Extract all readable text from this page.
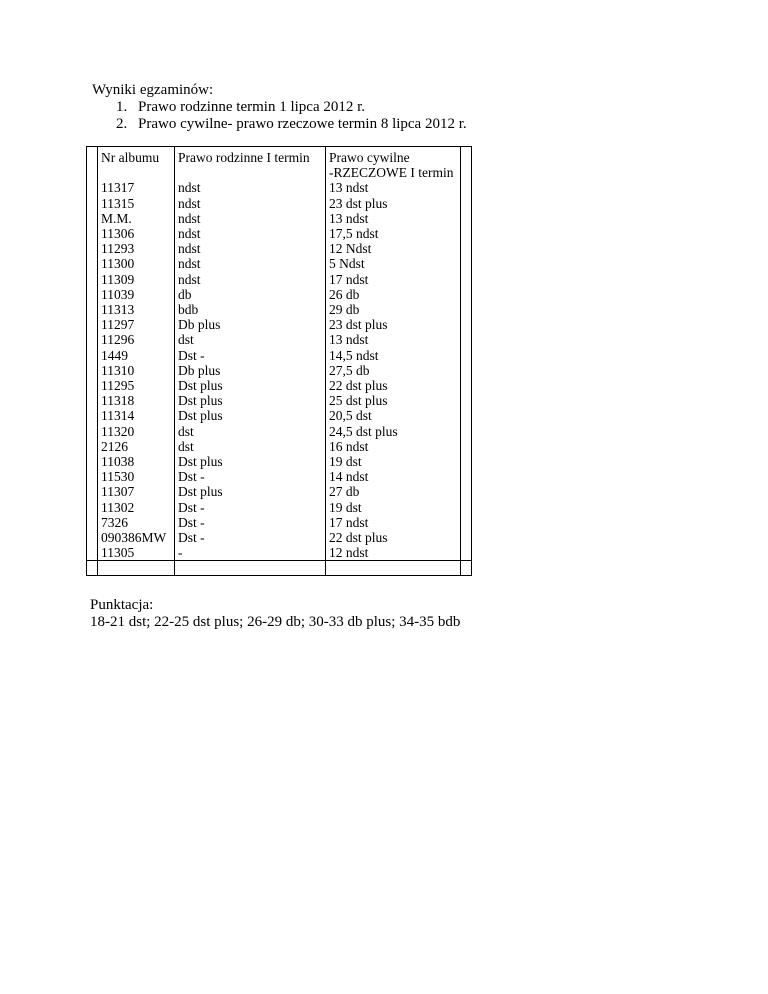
Wyniki egzaminów:
1. Prawo rodzinne termin 1 lipca 2012 r.
2. Prawo cywilne- prawo rzeczowe termin 8 lipca 2012 r.
	Nr albumu	Prawo rodzinne I termin	Prawo cywilne	
			-RZECZOWE I termin	
	11317	ndst	13 ndst	
	11315	ndst	23 dst plus	
	M.M.	ndst	13 ndst	
	11306	ndst	17,5 ndst	
	11293	ndst	12 Ndst	
	11300	ndst	5 Ndst	
	11309	ndst	17 ndst	
	11039	db	26 db	
	11313	bdb	29 db	
	11297	Db plus	23 dst plus	
	11296	dst	13 ndst	
	1449	Dst -	14,5 ndst	
	11310	Db plus	27,5 db	
	11295	Dst plus	22 dst plus	
	11318	Dst plus	25 dst plus	
	11314	Dst plus	20,5 dst	
	11320	dst	24,5 dst plus	
	2126	dst	16 ndst	
	11038	Dst plus	19 dst	
	11530	Dst -	14 ndst	
	11307	Dst plus	27 db	
	11302	Dst -	19 dst	
	7326	Dst -	17 ndst	
	090386MW	Dst -	22 dst plus	
	11305	-	12 ndst	

Punktacja:
18-21 dst; 22-25 dst plus; 26-29 db; 30-33 db plus; 34-35 bdb
